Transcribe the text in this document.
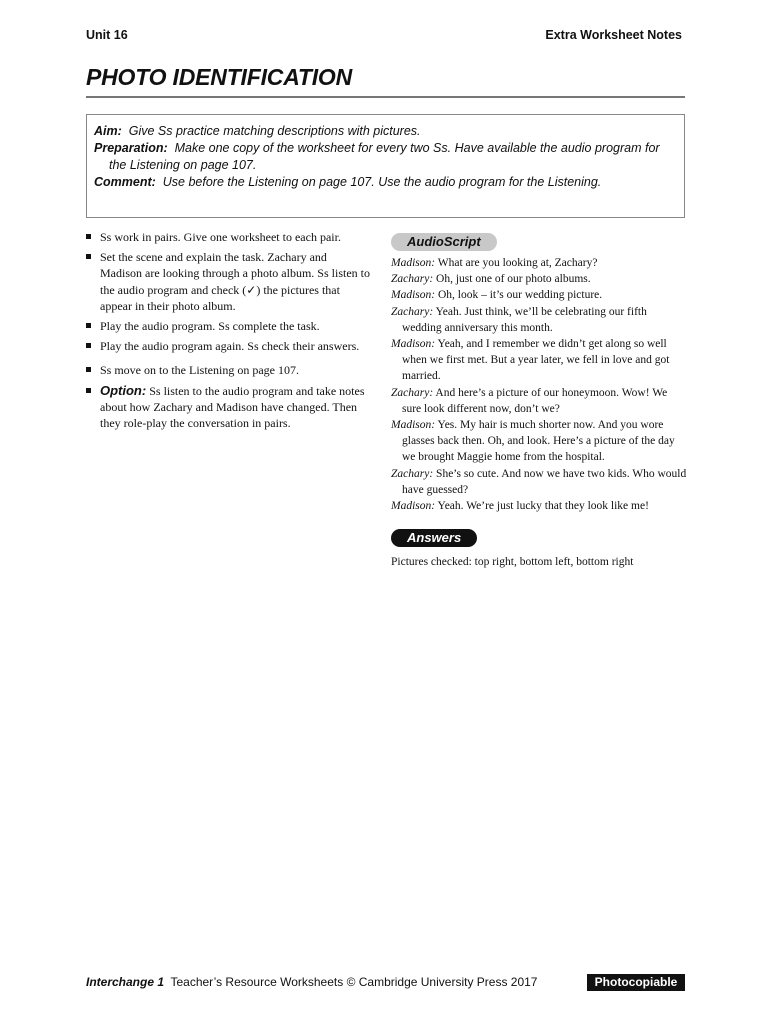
Unit 16	Extra Worksheet Notes
PHOTO IDENTIFICATION
Aim: Give Ss practice matching descriptions with pictures.
Preparation: Make one copy of the worksheet for every two Ss. Have available the audio program for the Listening on page 107.
Comment: Use before the Listening on page 107. Use the audio program for the Listening.
Ss work in pairs. Give one worksheet to each pair.
Set the scene and explain the task. Zachary and Madison are looking through a photo album. Ss listen to the audio program and check (✓) the pictures that appear in their photo album.
Play the audio program. Ss complete the task.
Play the audio program again. Ss check their answers.
Ss move on to the Listening on page 107.
Option: Ss listen to the audio program and take notes about how Zachary and Madison have changed. Then they role-play the conversation in pairs.
AudioScript
Madison: What are you looking at, Zachary?
Zachary: Oh, just one of our photo albums.
Madison: Oh, look – it’s our wedding picture.
Zachary: Yeah. Just think, we’ll be celebrating our fifth wedding anniversary this month.
Madison: Yeah, and I remember we didn’t get along so well when we first met. But a year later, we fell in love and got married.
Zachary: And here’s a picture of our honeymoon. Wow! We sure look different now, don’t we?
Madison: Yes. My hair is much shorter now. And you wore glasses back then. Oh, and look. Here’s a picture of the day we brought Maggie home from the hospital.
Zachary: She’s so cute. And now we have two kids. Who would have guessed?
Madison: Yeah. We’re just lucky that they look like me!
Answers
Pictures checked: top right, bottom left, bottom right
Interchange 1 Teacher’s Resource Worksheets © Cambridge University Press 2017	Photocopiable
